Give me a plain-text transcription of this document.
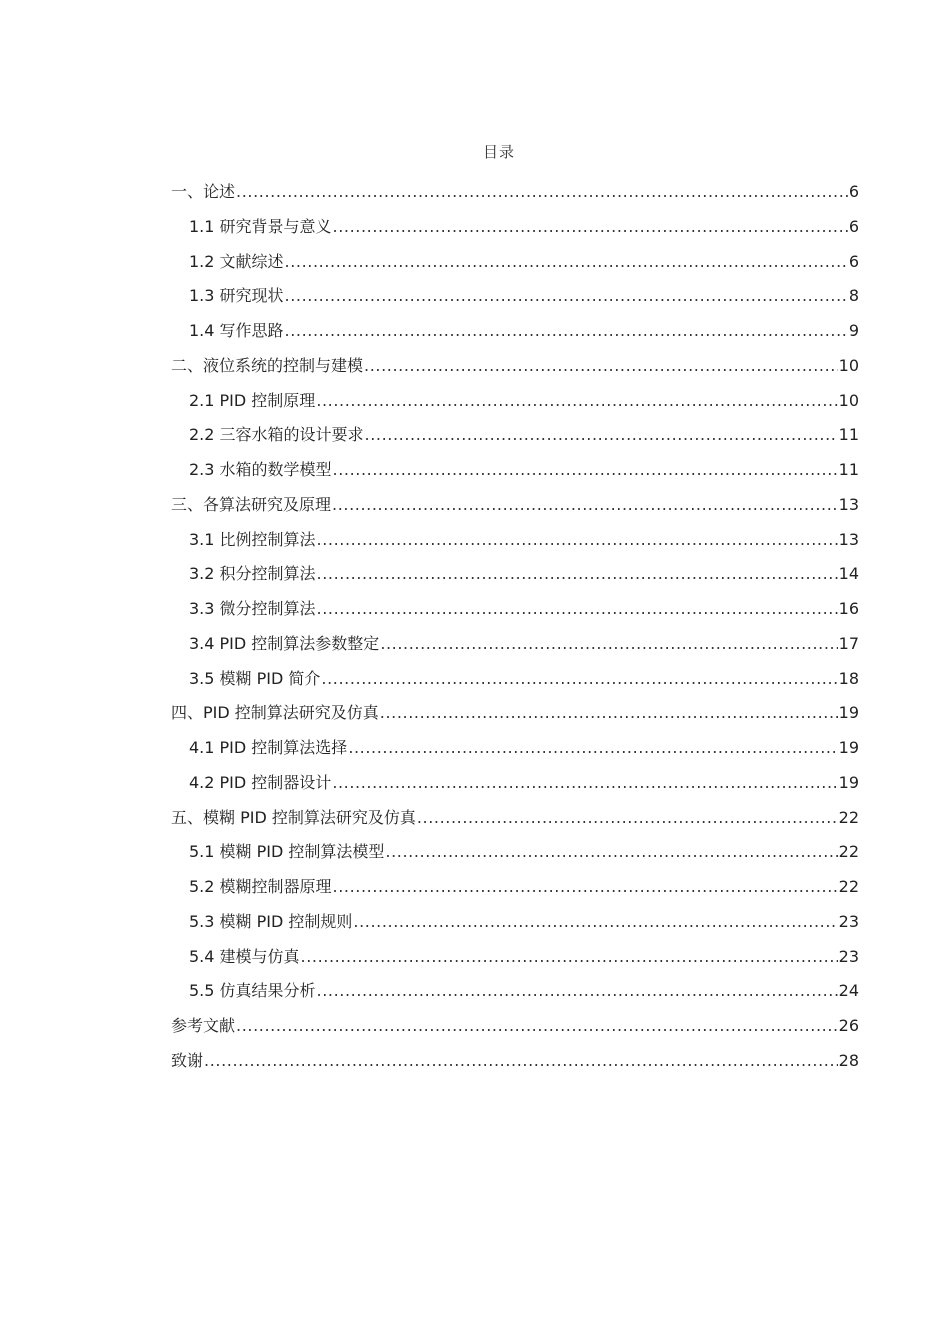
目录
一、论述 .....	6
1.1 研究背景与意义 .....	6
1.2 文献综述 .....	6
1.3 研究现状 .....	8
1.4 写作思路 .....	9
二、液位系统的控制与建模 .....	10
2.1 PID 控制原理 .....	10
2.2 三容水箱的设计要求 .....	11
2.3 水箱的数学模型 .....	11
三、各算法研究及原理 .....	13
3.1 比例控制算法 .....	13
3.2 积分控制算法 .....	14
3.3 微分控制算法 .....	16
3.4 PID 控制算法参数整定 .....	17
3.5 模糊 PID 简介 .....	18
四、PID 控制算法研究及仿真 .....	19
4.1 PID 控制算法选择 .....	19
4.2 PID 控制器设计 .....	19
五、模糊 PID 控制算法研究及仿真 .....	22
5.1 模糊 PID 控制算法模型 .....	22
5.2 模糊控制器原理 .....	22
5.3 模糊 PID 控制规则 .....	23
5.4 建模与仿真 .....	23
5.5 仿真结果分析 .....	24
参考文献 .....	26
致谢 .....	28
